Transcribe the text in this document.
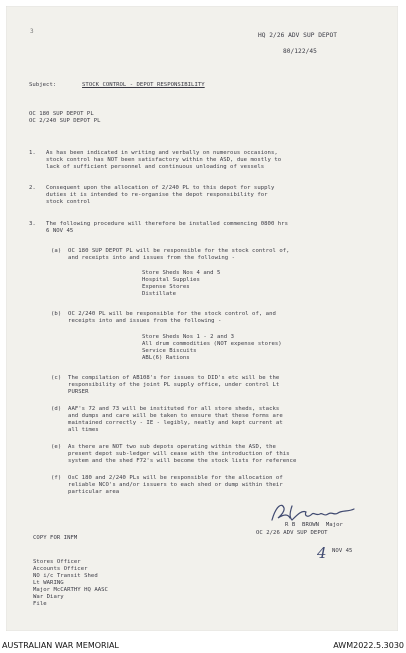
3
HQ 2/26 ADV SUP DEPOT
80/122/45
Subject:	STOCK CONTROL - DEPOT RESPONSIBILITY
OC 180 SUP DEPOT PL
OC 2/240 SUP DEPOT PL
1.   As has been indicated in writing and verbally on numerous occasions,
stock control has NOT been satisfactory within the ASD, due mostly to
lack of sufficient personnel and continuous unloading of vessels
2.   Consequent upon the allocation of 2/240 PL to this depot for supply
duties it is intended to re-organise the depot responsibility for
stock control
3.   The following procedure will therefore be installed commencing 0800 hrs
6 NOV 45
(a)  OC 180 SUP DEPOT PL will be responsible for the stock control of,
and receipts into and issues from the following -
Store Sheds Nos 4 and 5
Hospital Supplies
Expense Stores
Distillate
(b)  OC 2/240 PL will be responsible for the stock control of, and
receipts into and issues from the following -
Store Sheds Nos 1 - 2 and 3
All drum commodities (NOT expense stores)
Service Biscuits
ABL(6) Rations
(c)  The compilation of AB108's for issues to DID's etc will be the
responsibility of the joint PL supply office, under control Lt
PURSER
(d)  AAF's 72 and 73 will be instituted for all store sheds, stacks
and dumps and care will be taken to ensure that these forms are
maintained correctly - IE - legibly, neatly and kept current at
all times
(e)  As there are NOT two sub depots operating within the ASD, the
present depot sub-ledger will cease with the introduction of this
system and the shed F72's will become the stock lists for reference
(f)  OsC 180 and 2/240 PLs will be responsible for the allocation of
reliable NCO's and/or issuers to each shed or dump within their
particular area
R B  BROWN  Major
OC 2/26 ADV SUP DEPOT
4 NOV 45
COPY FOR INFM
Stores Officer
Accounts Officer
NO i/c Transit Shed
Lt WARING
Major McCARTHY HQ AASC
War Diary
File
AUSTRALIAN WAR MEMORIAL	AWM2022.5.3030
